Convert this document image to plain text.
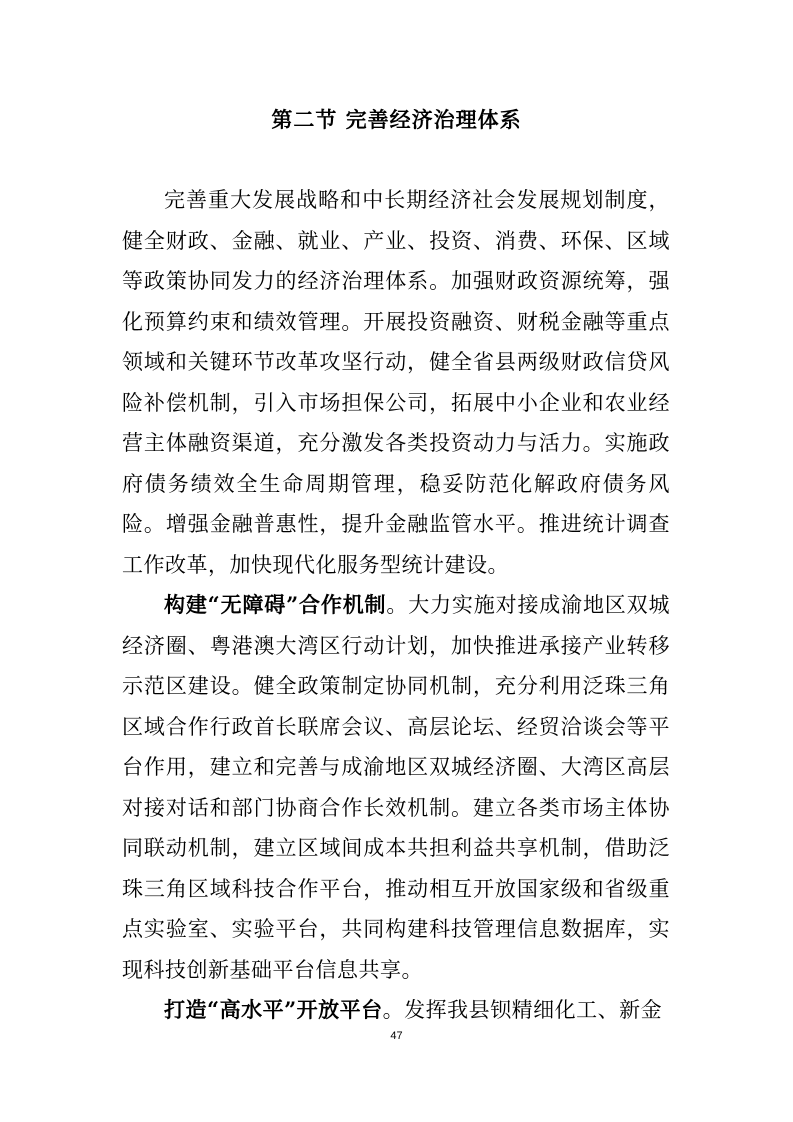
第二节 完善经济治理体系

完善重大发展战略和中长期经济社会发展规划制度，健全财政、金融、就业、产业、投资、消费、环保、区域等政策协同发力的经济治理体系。加强财政资源统筹，强化预算约束和绩效管理。开展投资融资、财税金融等重点领域和关键环节改革攻坚行动，健全省县两级财政信贷风险补偿机制，引入市场担保公司，拓展中小企业和农业经营主体融资渠道，充分激发各类投资动力与活力。实施政府债务绩效全生命周期管理，稳妥防范化解政府债务风险。增强金融普惠性，提升金融监管水平。推进统计调查工作改革，加快现代化服务型统计建设。

构建“无障碍”合作机制。大力实施对接成渝地区双城经济圈、粤港澳大湾区行动计划，加快推进承接产业转移示范区建设。健全政策制定协同机制，充分利用泛珠三角区域合作行政首长联席会议、高层论坛、经贸洽谈会等平台作用，建立和完善与成渝地区双城经济圈、大湾区高层对接对话和部门协商合作长效机制。建立各类市场主体协同联动机制，建立区域间成本共担利益共享机制，借助泛珠三角区域科技合作平台，推动相互开放国家级和省级重点实验室、实验平台，共同构建科技管理信息数据库，实现科技创新基础平台信息共享。

打造“高水平”开放平台。发挥我县钡精细化工、新金

47
